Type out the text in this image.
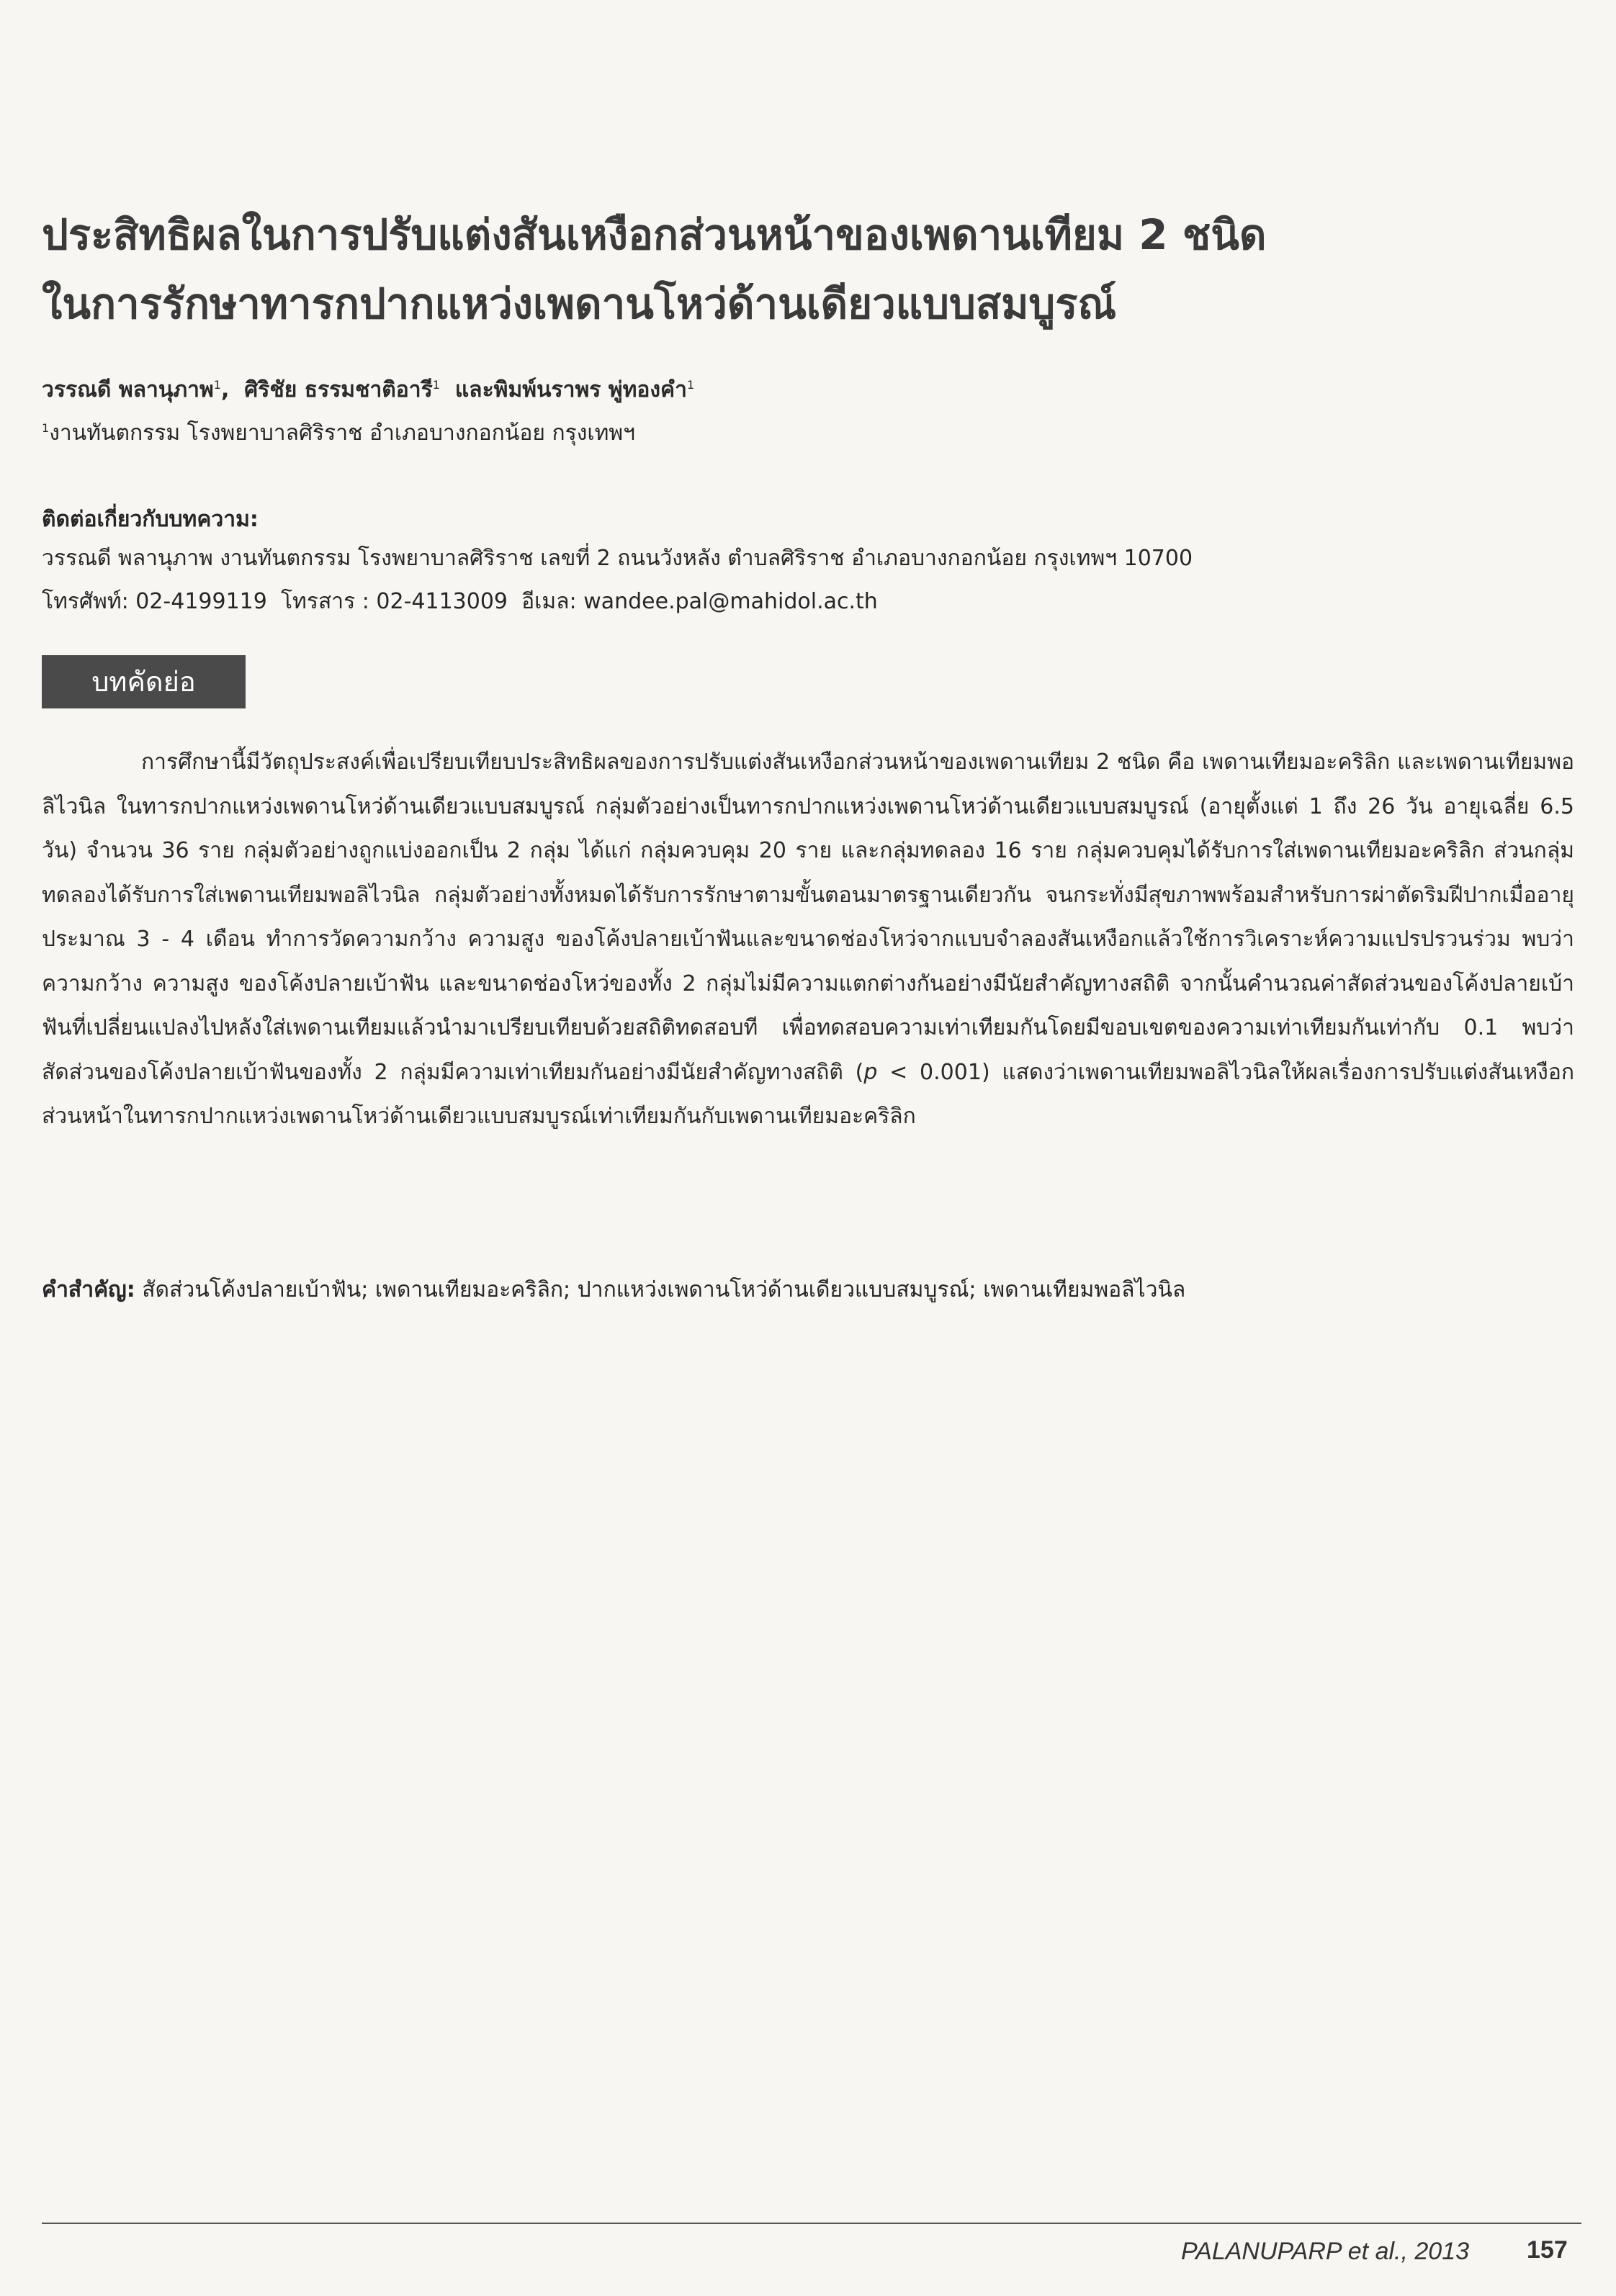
ประสิทธิผลในการปรับแต่งสันเหงือกส่วนหน้าของเพดานเทียม 2 ชนิด
ในการรักษาทารกปากแหว่งเพดานโหว่ด้านเดียวแบบสมบูรณ์
วรรณดี พลานุภาพ$^1$,  ศิริชัย ธรรมชาติอารี$^1$ และพิมพ์นราพร พู่ทองคำ$^1$
$^1$งานทันตกรรม โรงพยาบาลศิริราช อำเภอบางกอกน้อย กรุงเทพฯ
ติดต่อเกี่ยวกับบทความ:
วรรณดี พลานุภาพ งานทันตกรรม โรงพยาบาลศิริราช เลขที่ 2 ถนนวังหลัง ตำบลศิริราช อำเภอบางกอกน้อย กรุงเทพฯ 10700
โทรศัพท์: 02-4199119 โทรสาร : 02-4113009 อีเมล: wandee.pal@mahidol.ac.th
บทคัดย่อ

การศึกษานี้มีวัตถุประสงค์เพื่อเปรียบเทียบประสิทธิผลของการปรับแต่งสันเหงือกส่วนหน้าของเพดานเทียม 2 ชนิด คือ เพดานเทียมอะคริลิก และเพดานเทียมพอลิไวนิล ในทารกปากแหว่งเพดานโหว่ด้านเดียวแบบสมบูรณ์ กลุ่มตัวอย่างเป็นทารกปากแหว่งเพดานโหว่ด้านเดียวแบบสมบูรณ์ (อายุตั้งแต่ 1 ถึง 26 วัน อายุเฉลี่ย 6.5 วัน) จำนวน 36 ราย กลุ่มตัวอย่างถูกแบ่งออกเป็น 2 กลุ่ม ได้แก่ กลุ่มควบคุม 20 ราย และกลุ่มทดลอง 16 ราย กลุ่มควบคุมได้รับการใส่เพดานเทียมอะคริลิก ส่วนกลุ่มทดลองได้รับการใส่เพดานเทียมพอลิไวนิล กลุ่มตัวอย่างทั้งหมดได้รับการรักษาตามขั้นตอนมาตรฐานเดียวกัน จนกระทั่งมีสุขภาพพร้อมสำหรับการผ่าตัดริมฝีปากเมื่ออายุประมาณ 3 - 4 เดือน ทำการวัดความกว้าง ความสูง ของโค้งปลายเบ้าฟันและขนาดช่องโหว่จากแบบจำลองสันเหงือกแล้วใช้การวิเคราะห์ความแปรปรวนร่วม พบว่า ความกว้าง ความสูง ของโค้งปลายเบ้าฟัน และขนาดช่องโหว่ของทั้ง 2 กลุ่มไม่มีความแตกต่างกันอย่างมีนัยสำคัญทางสถิติ จากนั้นคำนวณค่าสัดส่วนของโค้งปลายเบ้าฟันที่เปลี่ยนแปลงไปหลังใส่เพดานเทียมแล้วนำมาเปรียบเทียบด้วยสถิติทดสอบที เพื่อทดสอบความเท่าเทียมกันโดยมีขอบเขตของความเท่าเทียมกันเท่ากับ 0.1 พบว่า สัดส่วนของโค้งปลายเบ้าฟันของทั้ง 2 กลุ่มมีความเท่าเทียมกันอย่างมีนัยสำคัญทางสถิติ (p < 0.001) แสดงว่าเพดานเทียมพอลิไวนิลให้ผลเรื่องการปรับแต่งสันเหงือกส่วนหน้าในทารกปากแหว่งเพดานโหว่ด้านเดียวแบบสมบูรณ์เท่าเทียมกันกับเพดานเทียมอะคริลิก

คำสำคัญ: สัดส่วนโค้งปลายเบ้าฟัน; เพดานเทียมอะคริลิก; ปากแหว่งเพดานโหว่ด้านเดียวแบบสมบูรณ์; เพดานเทียมพอลิไวนิล
PALANUPARP et al., 2013 157
